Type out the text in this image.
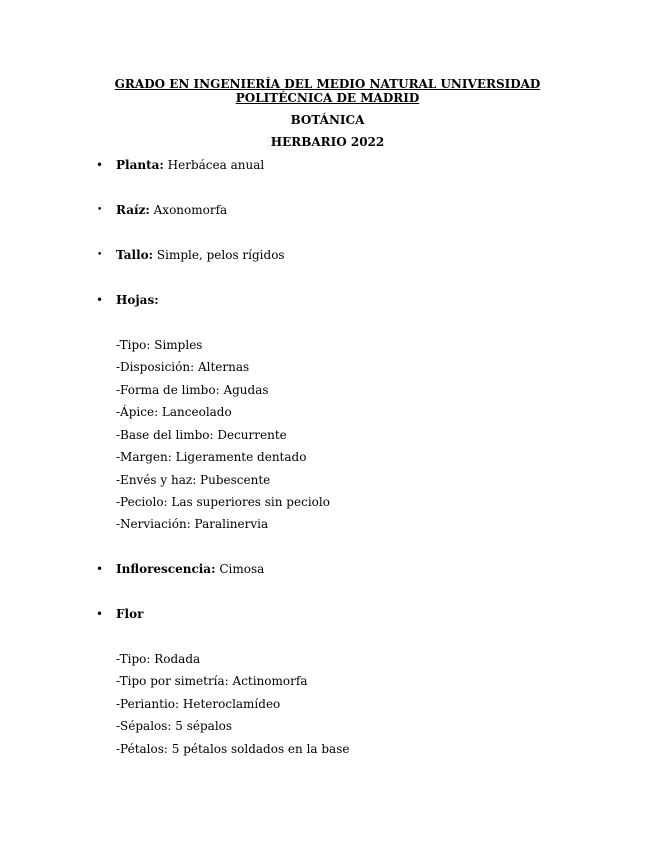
GRADO EN INGENIERÍA DEL MEDIO NATURAL UNIVERSIDAD
POLITÉCNICA DE MADRID
BOTÁNICA
HERBARIO 2022
• Planta: Herbácea anual
• Raíz: Axonomorfa
• Tallo: Simple, pelos rígidos
• Hojas:
-Tipo: Simples
-Disposición: Alternas
-Forma de limbo: Agudas
-Ápice: Lanceolado
-Base del limbo: Decurrente
-Margen: Ligeramente dentado
-Envés y haz: Pubescente
-Peciolo: Las superiores sin peciolo
-Nerviación: Paralinervia
• Inflorescencia: Cimosa
• Flor
-Tipo: Rodada
-Tipo por simetría: Actinomorfa
-Periantio: Heteroclamídeo
-Sépalos: 5 sépalos
-Pétalos: 5 pétalos soldados en la base
